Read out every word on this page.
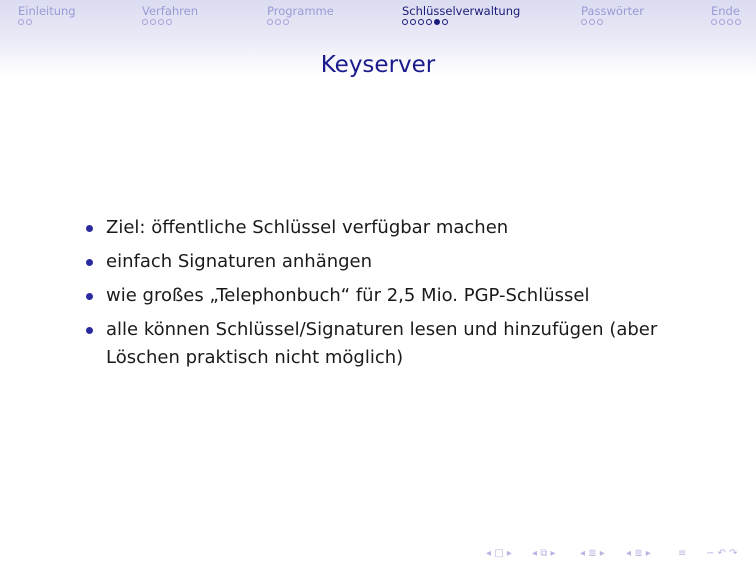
Einleitung	Verfahren	Programme	Schlüsselverwaltung	Passwörter	Ende
Keyserver
Ziel: öffentliche Schlüssel verfügbar machen
einfach Signaturen anhängen
wie großes „Telephonbuch“ für 2,5 Mio. PGP-Schlüssel
alle können Schlüssel/Signaturen lesen und hinzufügen (aber Löschen praktisch nicht möglich)
◂ □ ▸ ◂ ⧉ ▸ ◂ ≣ ▸ ◂ ≣ ▸	≡ ∽ ↶ ↷
